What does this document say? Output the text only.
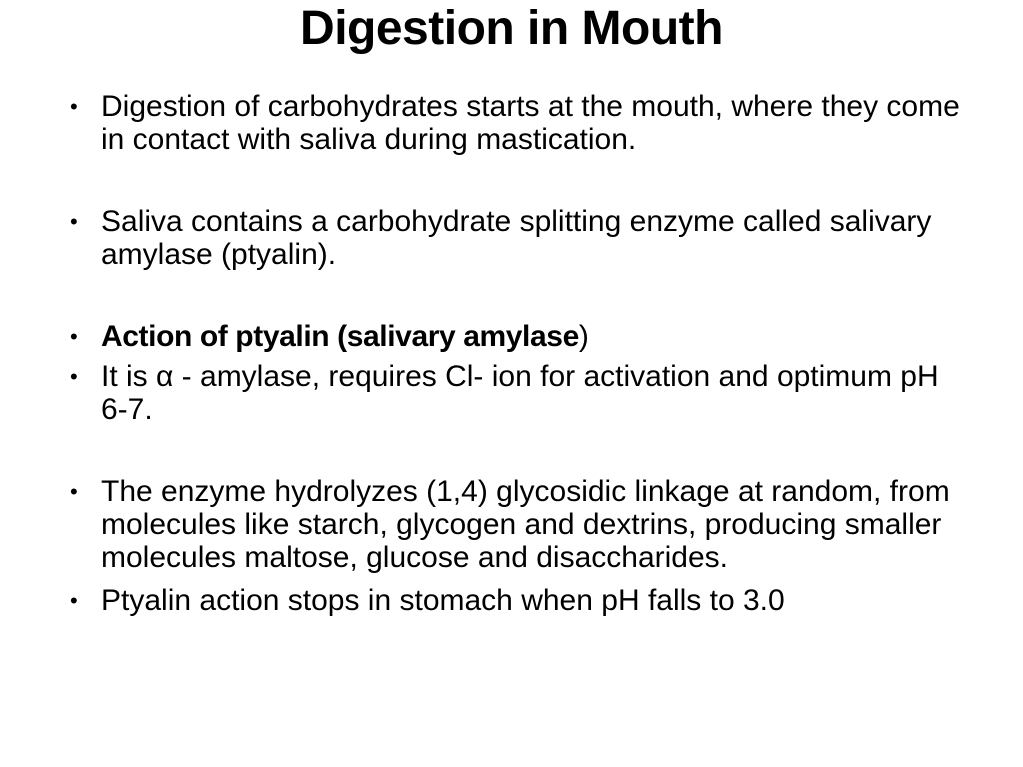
Digestion in Mouth
• Digestion of carbohydrates starts at the mouth, where they come in contact with saliva during mastication.
• Saliva contains a carbohydrate splitting enzyme called salivary amylase (ptyalin).
• Action of ptyalin (salivary amylase)
• It is α - amylase, requires Cl- ion for activation and optimum pH 6-7.
• The enzyme hydrolyzes (1,4) glycosidic linkage at random, from molecules like starch, glycogen and dextrins, producing smaller molecules maltose, glucose and disaccharides.
• Ptyalin action stops in stomach when pH falls to 3.0
